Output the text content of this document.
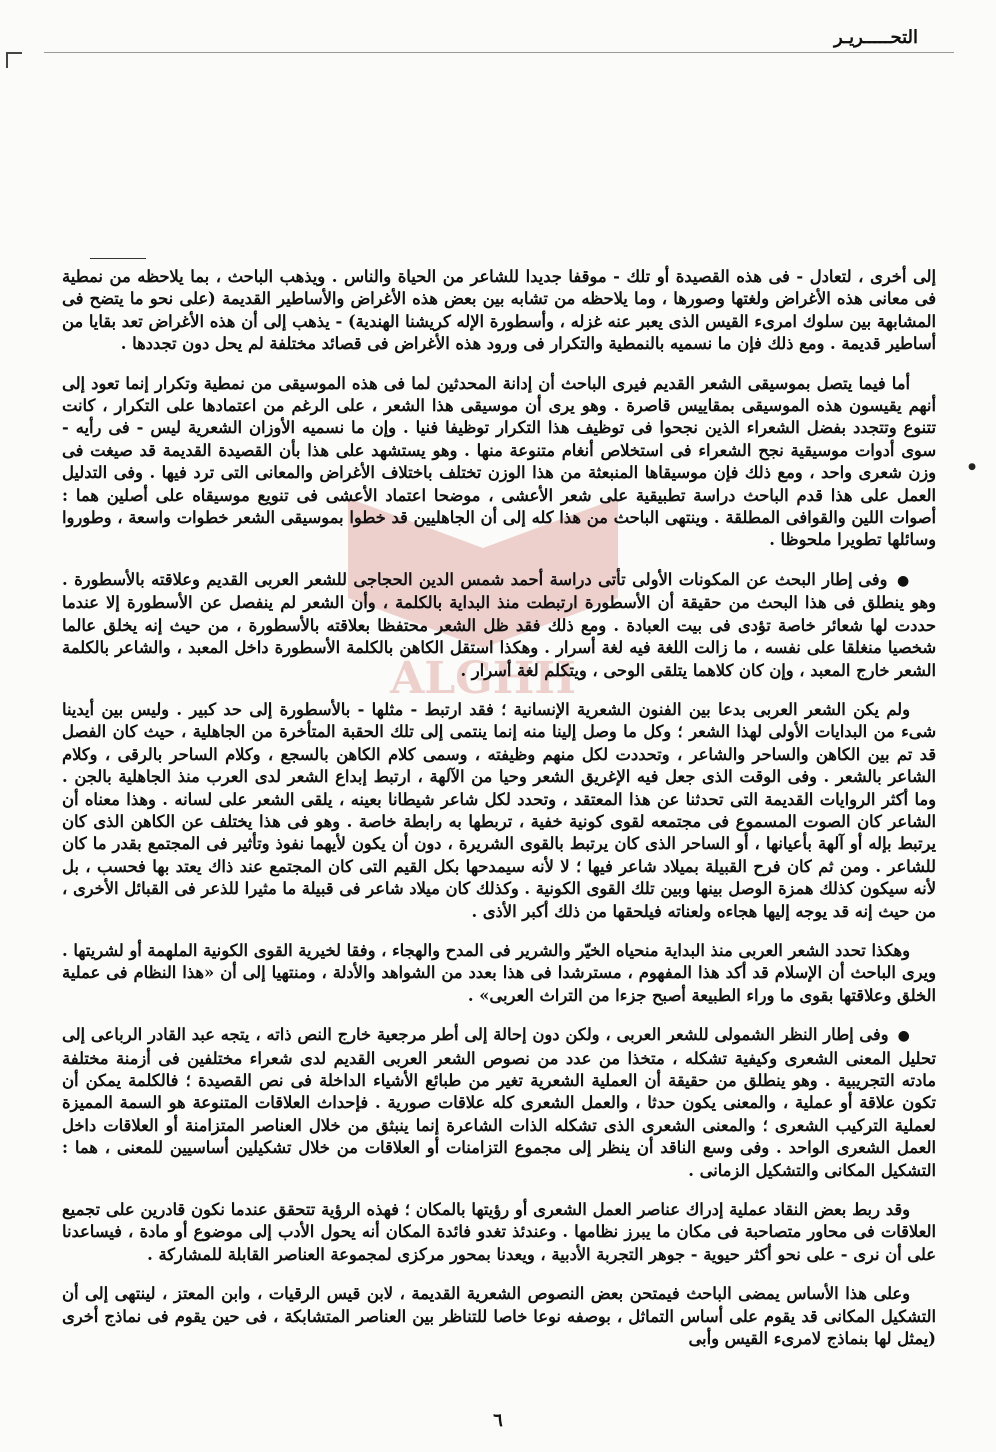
التحـــــريـر
ALGHH
●

إلى أخرى ، لتعادل - فى هذه القصيدة أو تلك - موقفا جديدا للشاعر من الحياة والناس . ويذهب الباحث ، بما يلاحظه من نمطية فى معانى هذه الأغراض ولغتها وصورها ، وما يلاحظه من تشابه بين بعض هذه الأغراض والأساطير القديمة (على نحو ما يتضح فى المشابهة بين سلوك امرىء القيس الذى يعبر عنه غزله ، وأسطورة الإله كريشنا الهندية) - يذهب إلى أن هذه الأغراض تعد بقايا من أساطير قديمة . ومع ذلك فإن ما نسميه بالنمطية والتكرار فى ورود هذه الأغراض فى قصائد مختلفة لم يحل دون تجددها .

أما فيما يتصل بموسيقى الشعر القديم فيرى الباحث أن إدانة المحدثين لما فى هذه الموسيقى من نمطية وتكرار إنما تعود إلى أنهم يقيسون هذه الموسيقى بمقاييس قاصرة . وهو يرى أن موسيقى هذا الشعر ، على الرغم من اعتمادها على التكرار ، كانت تتنوع وتتجدد بفضل الشعراء الذين نجحوا فى توظيف هذا التكرار توظيفا فنيا . وإن ما نسميه الأوزان الشعرية ليس - فى رأيه - سوى أدوات موسيقية نجح الشعراء فى استخلاص أنغام متنوعة منها . وهو يستشهد على هذا بأن القصيدة القديمة قد صيغت فى وزن شعرى واحد ، ومع ذلك فإن موسيقاها المنبعثة من هذا الوزن تختلف باختلاف الأغراض والمعانى التى ترد فيها . وفى التدليل العمل على هذا قدم الباحث دراسة تطبيقية على شعر الأعشى ، موضحا اعتماد الأعشى فى تنويع موسيقاه على أصلين هما : أصوات اللين والقوافى المطلقة . وينتهى الباحث من هذا كله إلى أن الجاهليين قد خطوا بموسيقى الشعر خطوات واسعة ، وطوروا وسائلها تطويرا ملحوظا .

● وفى إطار البحث عن المكونات الأولى تأتى دراسة أحمد شمس الدين الحجاجى للشعر العربى القديم وعلاقته بالأسطورة . وهو ينطلق فى هذا البحث من حقيقة أن الأسطورة ارتبطت منذ البداية بالكلمة ، وأن الشعر لم ينفصل عن الأسطورة إلا عندما حددت لها شعائر خاصة تؤدى فى بيت العبادة . ومع ذلك فقد ظل الشعر محتفظا بعلاقته بالأسطورة ، من حيث إنه يخلق عالما شخصيا منغلقا على نفسه ، ما زالت اللغة فيه لغة أسرار . وهكذا استقل الكاهن بالكلمة الأسطورة داخل المعبد ، والشاعر بالكلمة الشعر خارج المعبد ، وإن كان كلاهما يتلقى الوحى ، ويتكلم لغة أسرار .

ولم يكن الشعر العربى بدعا بين الفنون الشعرية الإنسانية ؛ فقد ارتبط - مثلها - بالأسطورة إلى حد كبير . وليس بين أيدينا شىء من البدايات الأولى لهذا الشعر ؛ وكل ما وصل إلينا منه إنما ينتمى إلى تلك الحقبة المتأخرة من الجاهلية ، حيث كان الفصل قد تم بين الكاهن والساحر والشاعر ، وتحددت لكل منهم وظيفته ، وسمى كلام الكاهن بالسجع ، وكلام الساحر بالرقى ، وكلام الشاعر بالشعر . وفى الوقت الذى جعل فيه الإغريق الشعر وحيا من الآلهة ، ارتبط إبداع الشعر لدى العرب منذ الجاهلية بالجن . وما أكثر الروايات القديمة التى تحدثنا عن هذا المعتقد ، وتحدد لكل شاعر شيطانا بعينه ، يلقى الشعر على لسانه . وهذا معناه أن الشاعر كان الصوت المسموع فى مجتمعه لقوى كونية خفية ، تربطها به رابطة خاصة . وهو فى هذا يختلف عن الكاهن الذى كان يرتبط بإله أو آلهة بأعيانها ، أو الساحر الذى كان يرتبط بالقوى الشريرة ، دون أن يكون لأيهما نفوذ وتأثير فى المجتمع بقدر ما كان للشاعر . ومن ثم كان فرح القبيلة بميلاد شاعر فيها ؛ لا لأنه سيمدحها بكل القيم التى كان المجتمع عند ذاك يعتد بها فحسب ، بل لأنه سيكون كذلك همزة الوصل بينها وبين تلك القوى الكونية . وكذلك كان ميلاد شاعر فى قبيلة ما مثيرا للذعر فى القبائل الأخرى ، من حيث إنه قد يوجه إليها هجاءه ولعناته فيلحقها من ذلك أكبر الأذى .

وهكذا تحدد الشعر العربى منذ البداية منحياه الخيّر والشرير فى المدح والهجاء ، وفقا لخيرية القوى الكونية الملهمة أو لشريتها . ويرى الباحث أن الإسلام قد أكد هذا المفهوم ، مسترشدا فى هذا بعدد من الشواهد والأدلة ، ومنتهيا إلى أن «هذا النظام فى عملية الخلق وعلاقتها بقوى ما وراء الطبيعة أصبح جزءا من التراث العربى» .

● وفى إطار النظر الشمولى للشعر العربى ، ولكن دون إحالة إلى أطر مرجعية خارج النص ذاته ، يتجه عبد القادر الرباعى إلى تحليل المعنى الشعرى وكيفية تشكله ، متخذا من عدد من نصوص الشعر العربى القديم لدى شعراء مختلفين فى أزمنة مختلفة مادته التجريبية . وهو ينطلق من حقيقة أن العملية الشعرية تغير من طبائع الأشياء الداخلة فى نص القصيدة ؛ فالكلمة يمكن أن تكون علاقة أو عملية ، والمعنى يكون حدثا ، والعمل الشعرى كله علاقات صورية . فإحداث العلاقات المتنوعة هو السمة المميزة لعملية التركيب الشعرى ؛ والمعنى الشعرى الذى تشكله الذات الشاعرة إنما ينبثق من خلال العناصر المتزامنة أو العلاقات داخل العمل الشعرى الواحد . وفى وسع الناقد أن ينظر إلى مجموع التزامنات أو العلاقات من خلال تشكيلين أساسيين للمعنى ، هما : التشكيل المكانى والتشكيل الزمانى .

وقد ربط بعض النقاد عملية إدراك عناصر العمل الشعرى أو رؤيتها بالمكان ؛ فهذه الرؤية تتحقق عندما نكون قادرين على تجميع العلاقات فى محاور متصاحبة فى مكان ما يبرز نظامها . وعندئذ تغدو فائدة المكان أنه يحول الأدب إلى موضوع أو مادة ، فيساعدنا على أن نرى - على نحو أكثر حيوية - جوهر التجربة الأدبية ، ويعدنا بمحور مركزى لمجموعة العناصر القابلة للمشاركة .

وعلى هذا الأساس يمضى الباحث فيمتحن بعض النصوص الشعرية القديمة ، لابن قيس الرقيات ، وابن المعتز ، لينتهى إلى أن التشكيل المكانى قد يقوم على أساس التماثل ، بوصفه نوعا خاصا للتناظر بين العناصر المتشابكة ، فى حين يقوم فى نماذج أخرى (يمثل لها بنماذج لامرىء القيس وأبى

٦
